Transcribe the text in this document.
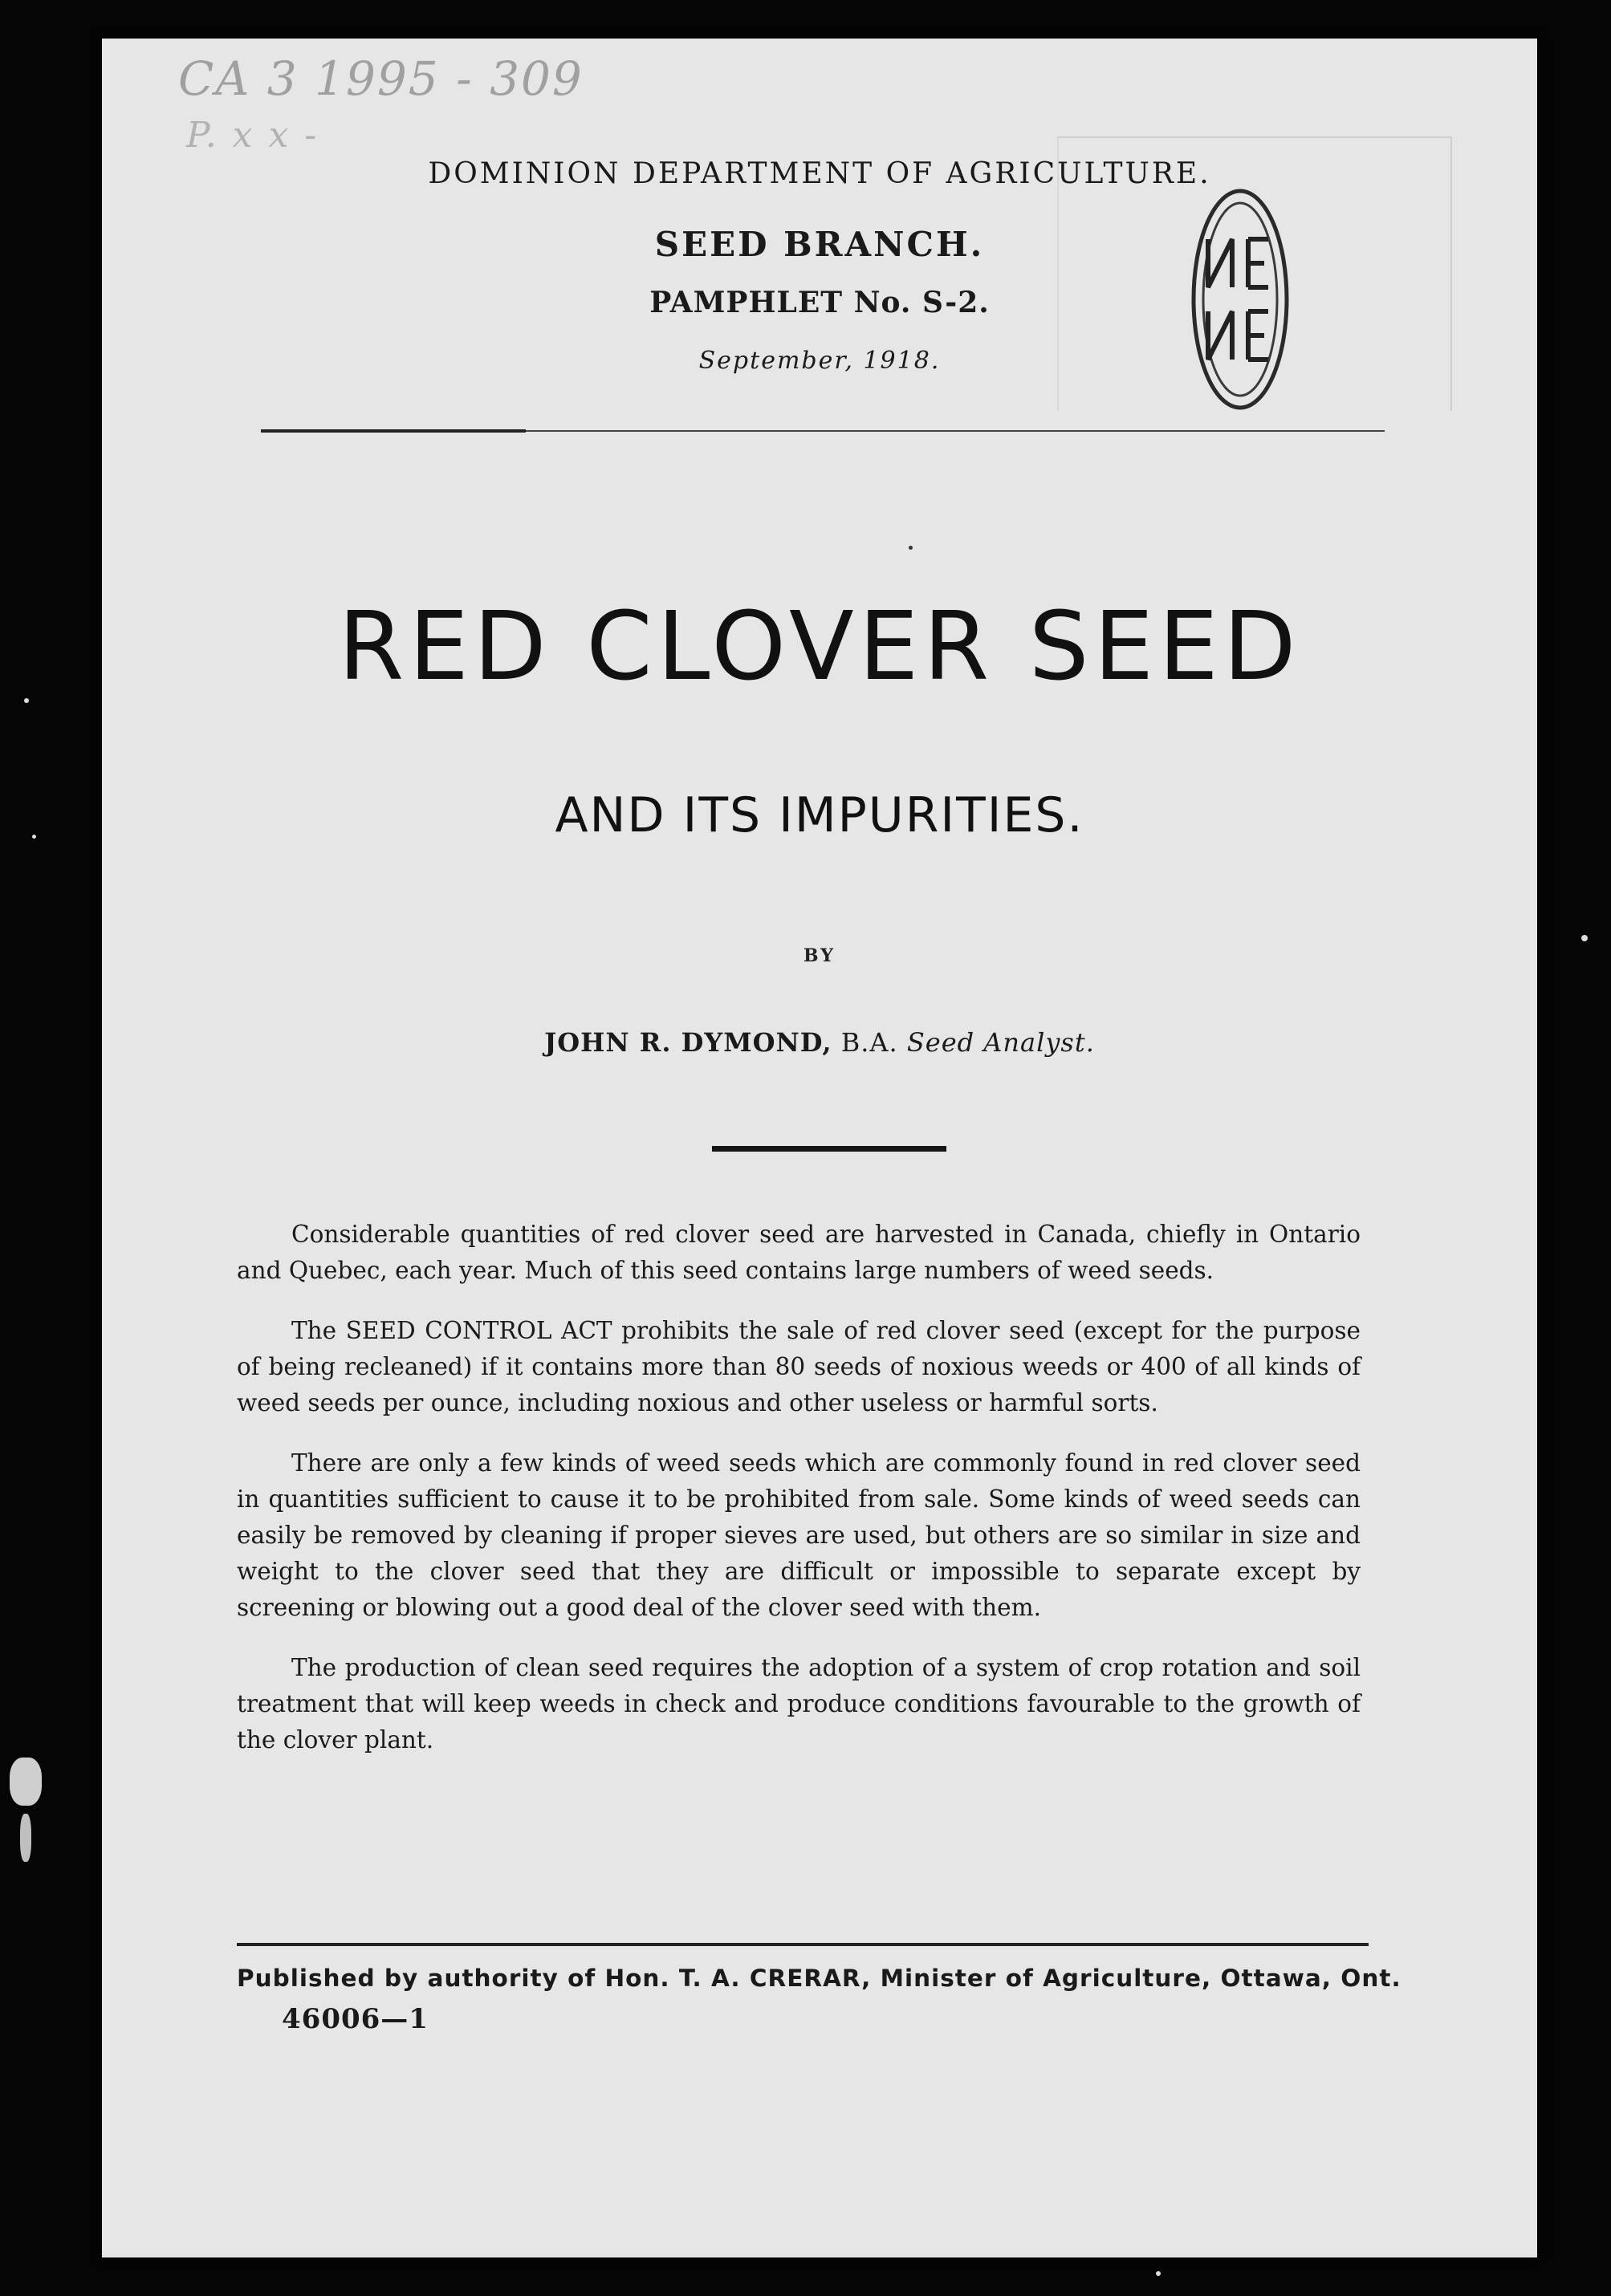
CA 3 1995 - 309
P. x x -
DOMINION DEPARTMENT OF AGRICULTURE.
SEED BRANCH.
PAMPHLET No. S-2.
September, 1918.
RED CLOVER SEED
AND ITS IMPURITIES.
BY
JOHN R. DYMOND, B.A. Seed Analyst.

Considerable quantities of red clover seed are harvested in Canada, chiefly in Ontario and Quebec, each year. Much of this seed contains large numbers of weed seeds.

The SEED CONTROL ACT prohibits the sale of red clover seed (except for the purpose of being recleaned) if it contains more than 80 seeds of noxious weeds or 400 of all kinds of weed seeds per ounce, including noxious and other useless or harmful sorts.

There are only a few kinds of weed seeds which are commonly found in red clover seed in quantities sufficient to cause it to be prohibited from sale. Some kinds of weed seeds can easily be removed by cleaning if proper sieves are used, but others are so similar in size and weight to the clover seed that they are difficult or impossible to separate except by screening or blowing out a good deal of the clover seed with them.

The production of clean seed requires the adoption of a system of crop rotation and soil treatment that will keep weeds in check and produce conditions favourable to the growth of the clover plant.

Published by authority of Hon. T. A. CRERAR, Minister of Agriculture, Ottawa, Ont.
46006—1
